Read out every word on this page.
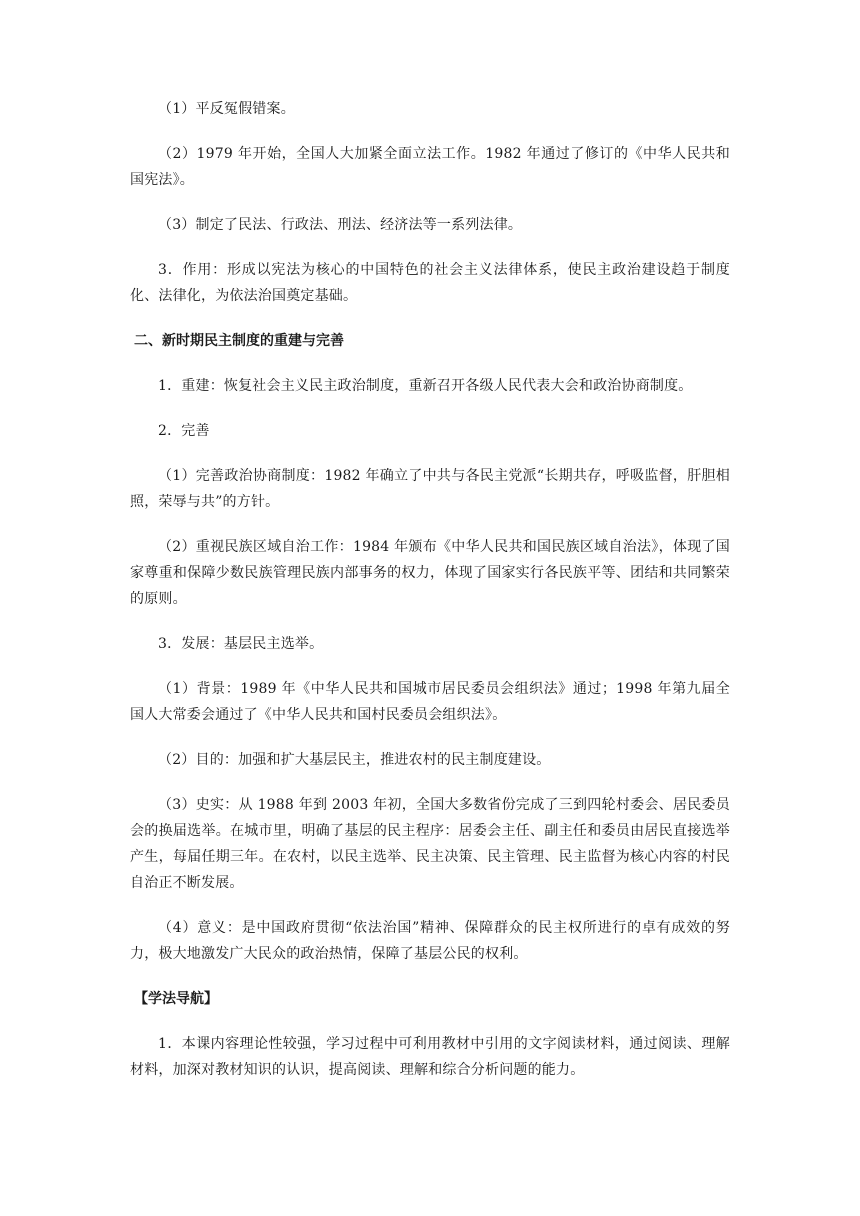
（1）平反冤假错案。

（2）1979 年开始，全国人大加紧全面立法工作。1982 年通过了修订的《中华人民共和国宪法》。

（3）制定了民法、行政法、刑法、经济法等一系列法律。

3．作用：形成以宪法为核心的中国特色的社会主义法律体系，使民主政治建设趋于制度化、法律化，为依法治国奠定基础。

二、新时期民主制度的重建与完善

1．重建：恢复社会主义民主政治制度，重新召开各级人民代表大会和政治协商制度。

2．完善

（1）完善政治协商制度：1982 年确立了中共与各民主党派“长期共存，呼吸监督，肝胆相照，荣辱与共”的方针。

（2）重视民族区域自治工作：1984 年颁布《中华人民共和国民族区域自治法》，体现了国家尊重和保障少数民族管理民族内部事务的权力，体现了国家实行各民族平等、团结和共同繁荣的原则。

3．发展：基层民主选举。

（1）背景：1989 年《中华人民共和国城市居民委员会组织法》通过；1998 年第九届全国人大常委会通过了《中华人民共和国村民委员会组织法》。

（2）目的：加强和扩大基层民主，推进农村的民主制度建设。

（3）史实：从 1988 年到 2003 年初，全国大多数省份完成了三到四轮村委会、居民委员会的换届选举。在城市里，明确了基层的民主程序：居委会主任、副主任和委员由居民直接选举产生，每届任期三年。在农村，以民主选举、民主决策、民主管理、民主监督为核心内容的村民自治正不断发展。

（4）意义：是中国政府贯彻“依法治国”精神、保障群众的民主权所进行的卓有成效的努力，极大地激发广大民众的政治热情，保障了基层公民的权利。

【学法导航】

1．本课内容理论性较强，学习过程中可利用教材中引用的文字阅读材料，通过阅读、理解材料，加深对教材知识的认识，提高阅读、理解和综合分析问题的能力。
